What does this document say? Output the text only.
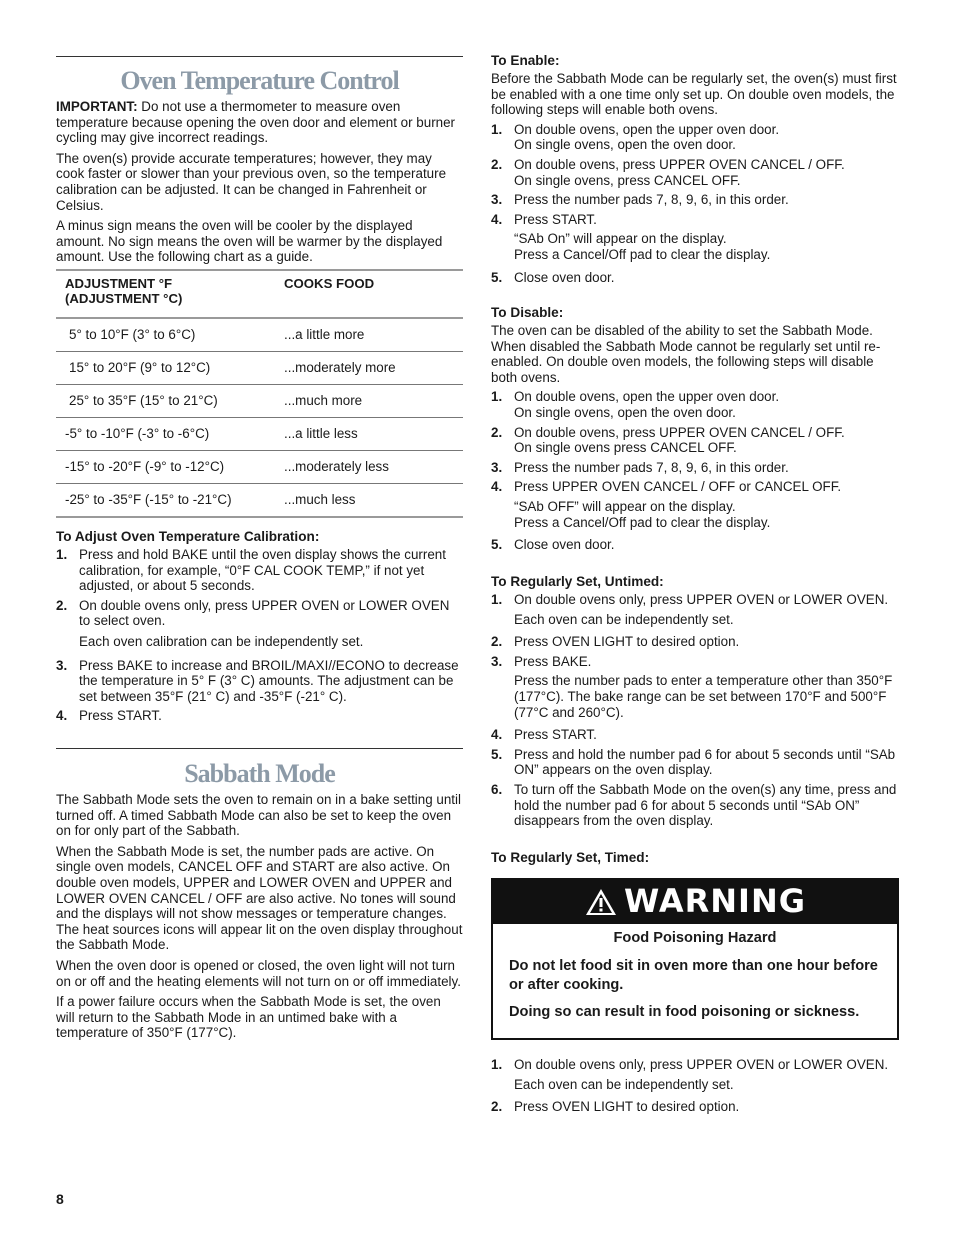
Oven Temperature Control

IMPORTANT: Do not use a thermometer to measure oven temperature because opening the oven door and element or burner cycling may give incorrect readings.

The oven(s) provide accurate temperatures; however, they may cook faster or slower than your previous oven, so the temperature calibration can be adjusted. It can be changed in Fahrenheit or Celsius.

A minus sign means the oven will be cooler by the displayed amount. No sign means the oven will be warmer by the displayed amount. Use the following chart as a guide.

ADJUSTMENT °F
(ADJUSTMENT °C)	COOKS FOOD
5° to 10°F (3° to 6°C)	...a little more
15° to 20°F (9° to 12°C)	...moderately more
25° to 35°F (15° to 21°C)	...much more
-5° to -10°F (-3° to -6°C)	...a little less
-15° to -20°F (-9° to -12°C)	...moderately less
-25° to -35°F (-15° to -21°C)	...much less
To Adjust Oven Temperature Calibration:
1. Press and hold BAKE until the oven display shows the current calibration, for example, “0°F CAL COOK TEMP,” if not yet adjusted, or about 5 seconds.
2. On double ovens only, press UPPER OVEN or LOWER OVEN to select oven.
Each oven calibration can be independently set.
3. Press BAKE to increase and BROIL/MAXI//ECONO to decrease the temperature in 5° F (3° C) amounts. The adjustment can be set between 35°F (21° C) and -35°F (-21° C).
4. Press START.
Sabbath Mode

The Sabbath Mode sets the oven to remain on in a bake setting until turned off. A timed Sabbath Mode can also be set to keep the oven on for only part of the Sabbath.

When the Sabbath Mode is set, the number pads are active. On single oven models, CANCEL OFF and START are also active. On double oven models, UPPER and LOWER OVEN and UPPER and LOWER OVEN CANCEL / OFF are also active. No tones will sound and the displays will not show messages or temperature changes. The heat sources icons will appear lit on the oven display throughout the Sabbath Mode.

When the oven door is opened or closed, the oven light will not turn on or off and the heating elements will not turn on or off immediately.

If a power failure occurs when the Sabbath Mode is set, the oven will return to the Sabbath Mode in an untimed bake with a temperature of 350°F (177°C).

To Enable:

Before the Sabbath Mode can be regularly set, the oven(s) must first be enabled with a one time only set up. On double oven models, the following steps will enable both ovens.

1. On double ovens, open the upper oven door.
On single ovens, open the oven door.
2. On double ovens, press UPPER OVEN CANCEL / OFF.
On single ovens, press CANCEL OFF.
3. Press the number pads 7, 8, 9, 6, in this order.
4. Press START.
“SAb On” will appear on the display.
Press a Cancel/Off pad to clear the display.
5. Close oven door.
To Disable:

The oven can be disabled of the ability to set the Sabbath Mode. When disabled the Sabbath Mode cannot be regularly set until re-enabled. On double oven models, the following steps will disable both ovens.

1. On double ovens, open the upper oven door.
On single ovens, open the oven door.
2. On double ovens, press UPPER OVEN CANCEL / OFF.
On single ovens press CANCEL OFF.
3. Press the number pads 7, 8, 9, 6, in this order.
4. Press UPPER OVEN CANCEL / OFF or CANCEL OFF.
“SAb OFF” will appear on the display.
Press a Cancel/Off pad to clear the display.
5. Close oven door.
To Regularly Set, Untimed:
1. On double ovens only, press UPPER OVEN or LOWER OVEN.
Each oven can be independently set.
2. Press OVEN LIGHT to desired option.
3. Press BAKE.
Press the number pads to enter a temperature other than 350°F (177°C). The bake range can be set between 170°F and 500°F (77°C and 260°C).
4. Press START.
5. Press and hold the number pad 6 for about 5 seconds until “SAb ON” appears on the oven display.
6. To turn off the Sabbath Mode on the oven(s) any time, press and hold the number pad 6 for about 5 seconds until “SAb ON” disappears from the oven display.
To Regularly Set, Timed:
WARNING

Food Poisoning Hazard

Do not let food sit in oven more than one hour before or after cooking.

Doing so can result in food poisoning or sickness.

1. On double ovens only, press UPPER OVEN or LOWER OVEN.
Each oven can be independently set.
2. Press OVEN LIGHT to desired option.
8
